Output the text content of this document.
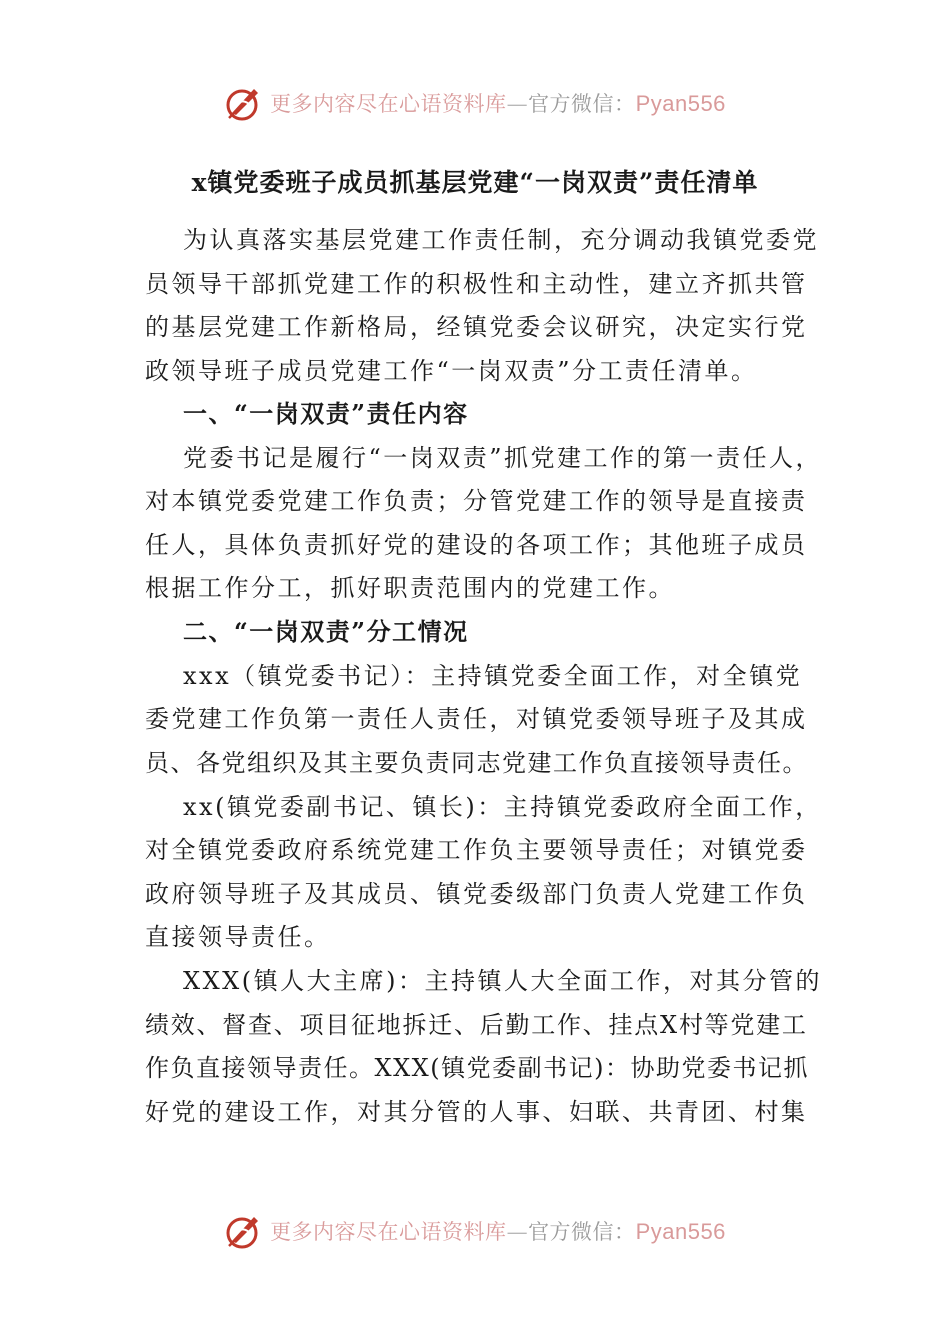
更多内容尽在心语资料库—官方微信：Pyan556
x镇党委班子成员抓基层党建“一岗双责”责任清单
为认真落实基层党建工作责任制，充分调动我镇党委党
员领导干部抓党建工作的积极性和主动性，建立齐抓共管
的基层党建工作新格局，经镇党委会议研究，决定实行党
政领导班子成员党建工作“一岗双责”分工责任清单。
一、“一岗双责”责任内容
党委书记是履行“一岗双责”抓党建工作的第一责任人，
对本镇党委党建工作负责；分管党建工作的领导是直接责
任人，具体负责抓好党的建设的各项工作；其他班子成员
根据工作分工，抓好职责范围内的党建工作。
二、“一岗双责”分工情况
xxx（镇党委书记）：主持镇党委全面工作，对全镇党
委党建工作负第一责任人责任，对镇党委领导班子及其成
员、各党组织及其主要负责同志党建工作负直接领导责任。
xx(镇党委副书记、镇长)：主持镇党委政府全面工作，
对全镇党委政府系统党建工作负主要领导责任；对镇党委
政府领导班子及其成员、镇党委级部门负责人党建工作负
直接领导责任。
XXX(镇人大主席)：主持镇人大全面工作，对其分管的
绩效、督查、项目征地拆迁、后勤工作、挂点X村等党建工
作负直接领导责任。XXX(镇党委副书记)：协助党委书记抓
好党的建设工作，对其分管的人事、妇联、共青团、村集
更多内容尽在心语资料库—官方微信：Pyan556
